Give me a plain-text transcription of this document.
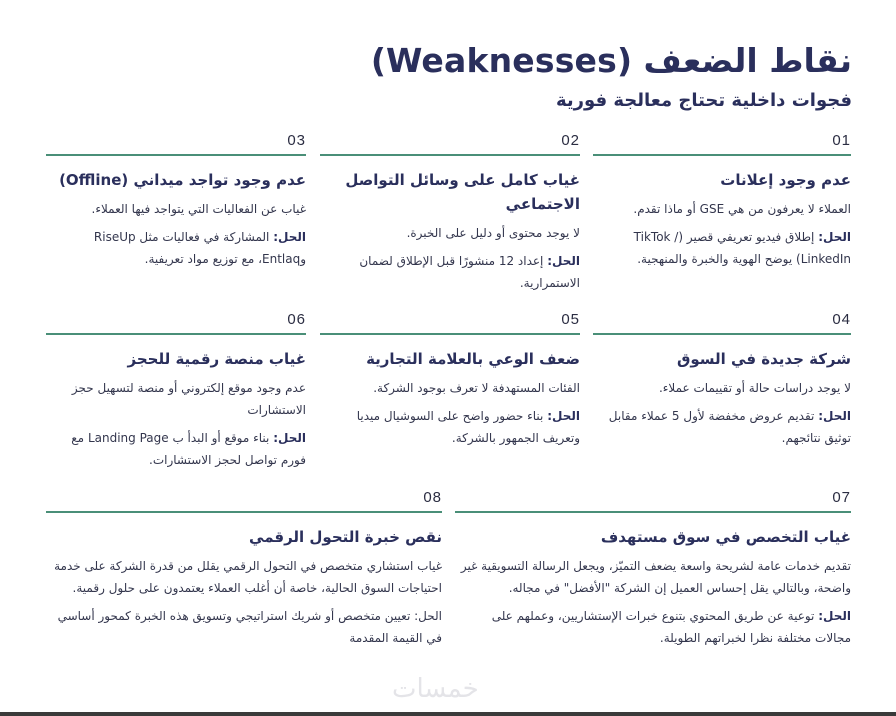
نقاط الضعف (Weaknesses)
فجوات داخلية تحتاج معالجة فورية
01
عدم وجود إعلانات
العملاء لا يعرفون من هي GSE أو ماذا تقدم.
الحل: إطلاق فيديو تعريفي قصير (TikTok / LinkedIn) يوضح الهوية والخبرة والمنهجية.
02
غياب كامل على وسائل التواصل الاجتماعي
لا يوجد محتوى أو دليل على الخبرة.
الحل: إعداد 12 منشورًا قبل الإطلاق لضمان الاستمرارية.
03
عدم وجود تواجد ميداني (Offline)
غياب عن الفعاليات التي يتواجد فيها العملاء.
الحل: المشاركة في فعاليات مثل RiseUp وEntlaq، مع توزيع مواد تعريفية.
04
شركة جديدة في السوق
لا يوجد دراسات حالة أو تقييمات عملاء.
الحل: تقديم عروض مخفضة لأول 5 عملاء مقابل توثيق نتائجهم.
05
ضعف الوعي بالعلامة التجارية
الفئات المستهدفة لا تعرف بوجود الشركة.
الحل: بناء حضور واضح على السوشيال ميديا وتعريف الجمهور بالشركة.
06
غياب منصة رقمية للحجز
عدم وجود موقع إلكتروني أو منصة لتسهيل حجز الاستشارات
الحل: بناء موقع أو البدأ ب Landing Page مع فورم تواصل لحجز الاستشارات.
07
غياب التخصص في سوق مستهدف
تقديم خدمات عامة لشريحة واسعة يضعف التميّز، ويجعل الرسالة التسويقية غير واضحة، وبالتالي يقل إحساس العميل إن الشركة "الأفضل" في مجاله.
الحل: توعية عن طريق المحتوي بتنوع خبرات الإستشاريين، وعملهم على مجالات مختلفة نظرا لخبراتهم الطويلة.
08
نقص خبرة التحول الرقمي
غياب استشاري متخصص في التحول الرقمي يقلل من قدرة الشركة على خدمة احتياجات السوق الحالية، خاصة أن أغلب العملاء يعتمدون على حلول رقمية.
الحل: تعيين متخصص أو شريك استراتيجي وتسويق هذه الخبرة كمحور أساسي في القيمة المقدمة
خمسات
